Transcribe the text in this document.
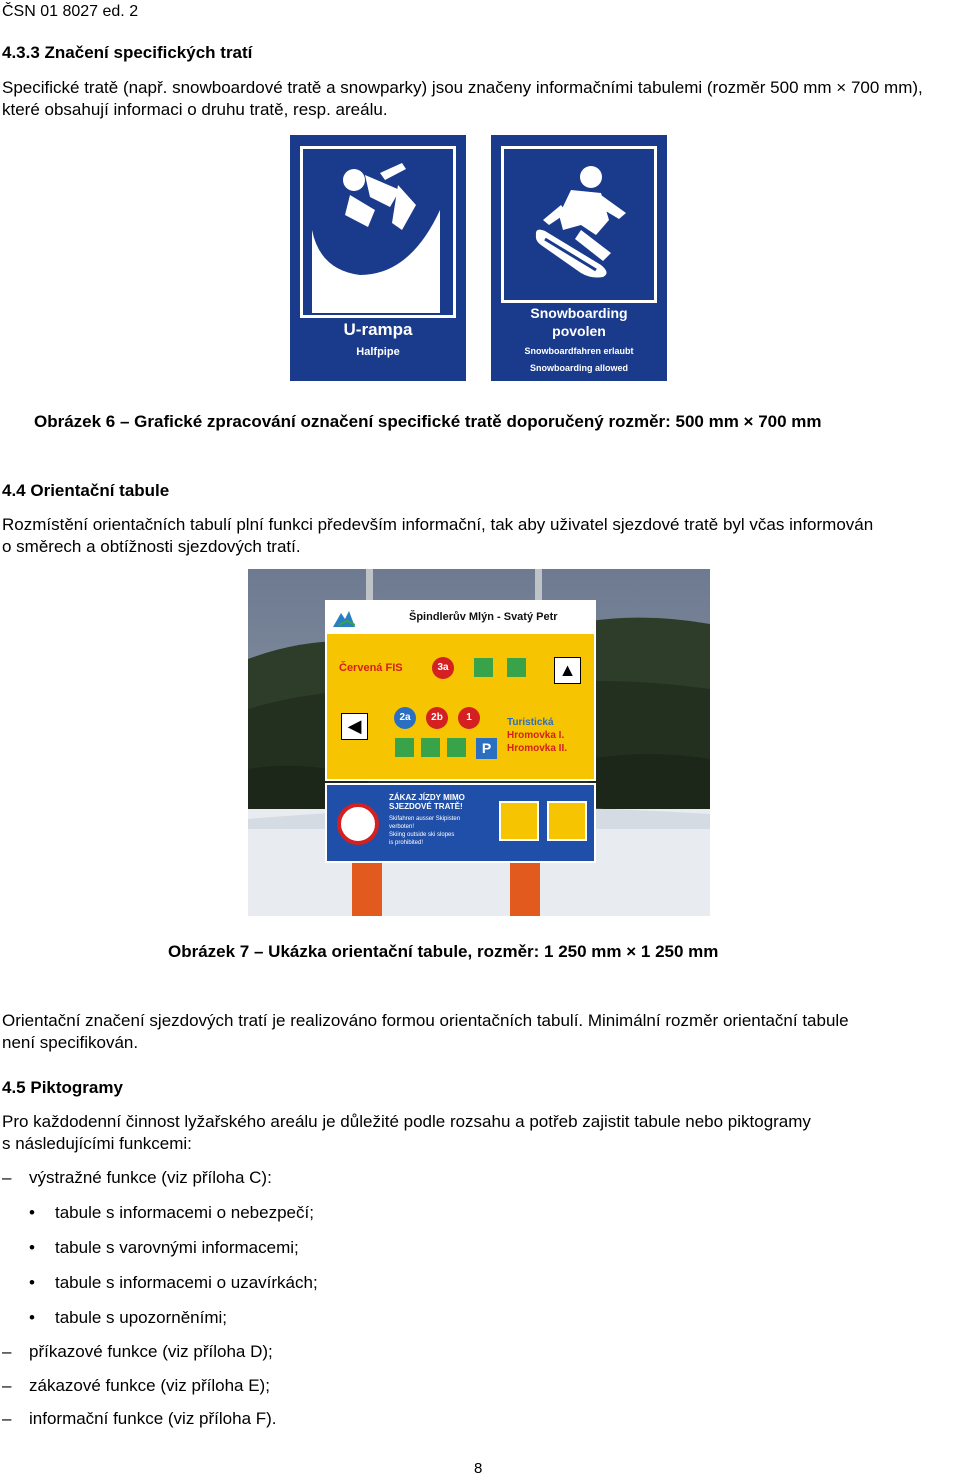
ČSN 01 8027 ed. 2
4.3.3 Značení specifických tratí
Specifické tratě (např. snowboardové tratě a snowparky) jsou značeny informačními tabulemi (rozměr 500 mm × 700 mm),
které obsahují informaci o druhu tratě, resp. areálu.
U-rampa
Halfpipe
Snowboarding
povolen
Snowboardfahren erlaubt
Snowboarding allowed
Obrázek 6 – Grafické zpracování označení specifické tratě doporučený rozměr: 500 mm × 700 mm
4.4 Orientační tabule
Rozmístění orientačních tabulí plní funkci především informační, tak aby uživatel sjezdové tratě byl včas informován
o směrech a obtížnosti sjezdových tratí.
Špindlerův Mlýn - Svatý Petr
Červená FIS	3a	▲
◀	2a	2b	1
P
Turistická
Hromovka I.
Hromovka II.
ZÁKAZ JÍZDY MIMO
SJEZDOVÉ TRATĚ!
Skifahren ausser Skipisten
verboten!
Skiing outside ski slopes
is prohibited!
Obrázek 7 – Ukázka orientační tabule, rozměr: 1 250 mm × 1 250 mm
Orientační značení sjezdových tratí je realizováno formou orientačních tabulí. Minimální rozměr orientační tabule
není specifikován.
4.5 Piktogramy
Pro každodenní činnost lyžařského areálu je důležité podle rozsahu a potřeb zajistit tabule nebo piktogramy
s následujícími funkcemi:
– výstražné funkce (viz příloha C):
• tabule s informacemi o nebezpečí;
• tabule s varovnými informacemi;
• tabule s informacemi o uzavírkách;
• tabule s upozorněními;
– příkazové funkce (viz příloha D);
– zákazové funkce (viz příloha E);
– informační funkce (viz příloha F).
8
